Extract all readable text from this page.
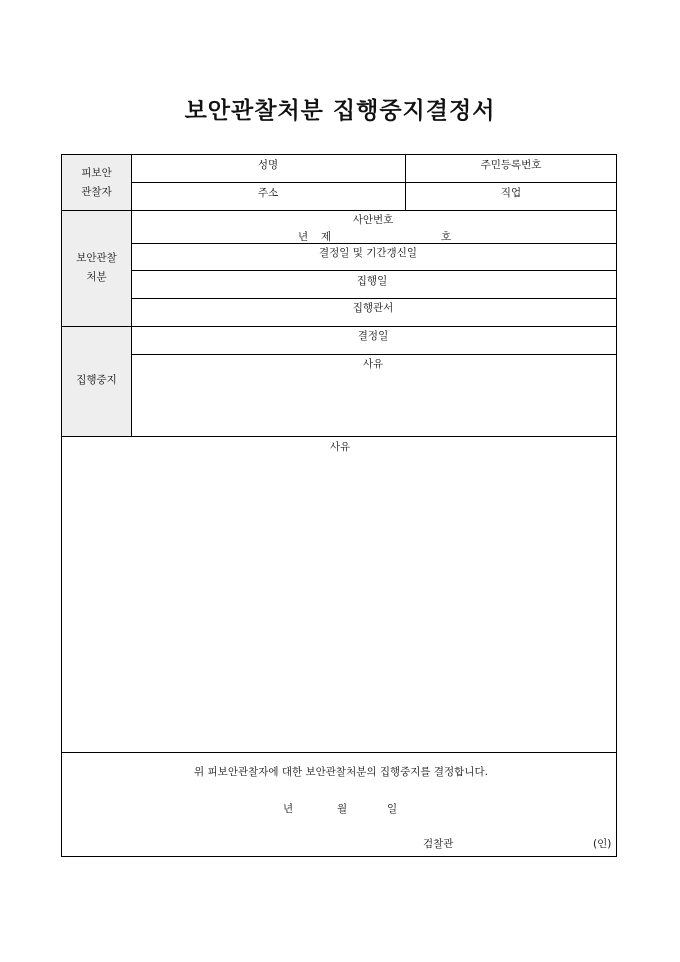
보안관찰처분 집행중지결정서
피보안
관찰자
성명	주민등록번호
주소	직업
보안관찰
처분
사안번호
년 제	호
결정일 및 기간갱신일
집행일
집행관서
집행중지
결정일
사유
사유
위 피보안관찰자에 대한 보안관찰처분의 집행중지를 결정합니다.
년	월	일
검찰관	(인)
